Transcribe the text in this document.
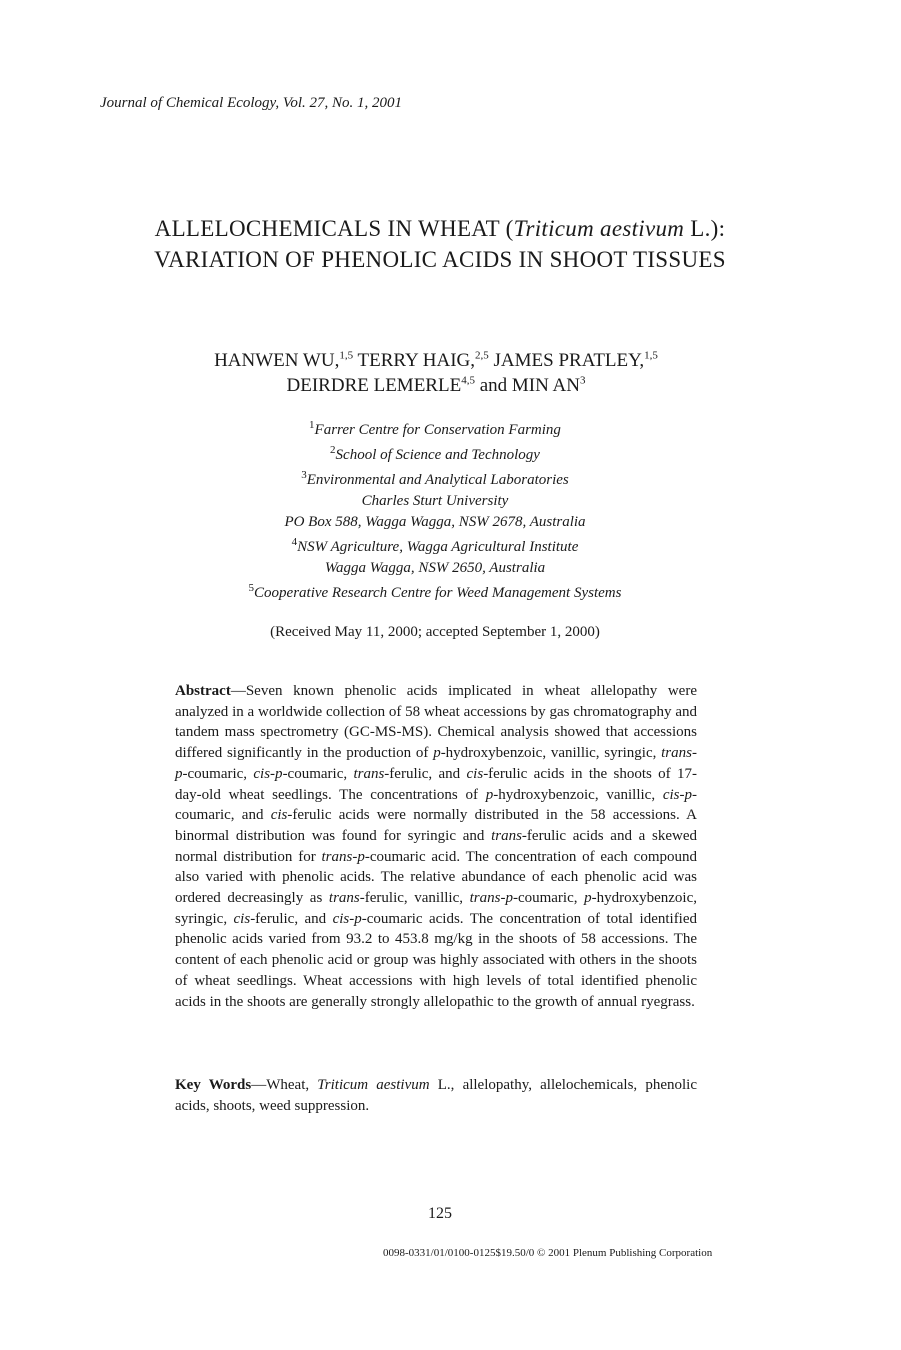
Journal of Chemical Ecology, Vol. 27, No. 1, 2001
ALLELOCHEMICALS IN WHEAT (Triticum aestivum L.):
VARIATION OF PHENOLIC ACIDS IN SHOOT TISSUES
HANWEN WU,$^{1,5}$ TERRY HAIG,$^{2,5}$ JAMES PRATLEY,$^{1,5}$
DEIRDRE LEMERLE$^{4,5}$ and MIN $AN^3$
$^1$Farrer Centre for Conservation Farming
$^2$School of Science and Technology
$^3$Environmental and Analytical Laboratories
Charles Sturt University
PO Box 588, Wagga Wagga, NSW 2678, Australia
$^4$NSW Agriculture, Wagga Agricultural Institute
Wagga Wagga, NSW 2650, Australia
$^5$Cooperative Research Centre for Weed Management Systems
(Received May 11, 2000; accepted September 1, 2000)
Abstract—Seven known phenolic acids implicated in wheat allelopathy were analyzed in a worldwide collection of 58 wheat accessions by gas chromatography and tandem mass spectrometry (GC-MS-MS). Chemical analysis showed that accessions differed significantly in the production of p-hydroxybenzoic, vanillic, syringic, trans-p-coumaric, cis-p-coumaric, trans-ferulic, and cis-ferulic acids in the shoots of 17-day-old wheat seedlings. The concentrations of p-hydroxybenzoic, vanillic, cis-p-coumaric, and cis-ferulic acids were normally distributed in the 58 accessions. A binormal distribution was found for syringic and trans-ferulic acids and a skewed normal distribution for trans-p-coumaric acid. The concentration of each compound also varied with phenolic acids. The relative abundance of each phenolic acid was ordered decreasingly as trans-ferulic, vanillic, trans-p-coumaric, p-hydroxybenzoic, syringic, cis-ferulic, and cis-p-coumaric acids. The concentration of total identified phenolic acids varied from 93.2 to 453.8 mg/kg in the shoots of 58 accessions. The content of each phenolic acid or group was highly associated with others in the shoots of wheat seedlings. Wheat accessions with high levels of total identified phenolic acids in the shoots are generally strongly allelopathic to the growth of annual ryegrass.
Key Words—Wheat, Triticum aestivum L., allelopathy, allelochemicals, phenolic acids, shoots, weed suppression.
125
0098-0331/01/0100-0125$19.50/0 © 2001 Plenum Publishing Corporation
